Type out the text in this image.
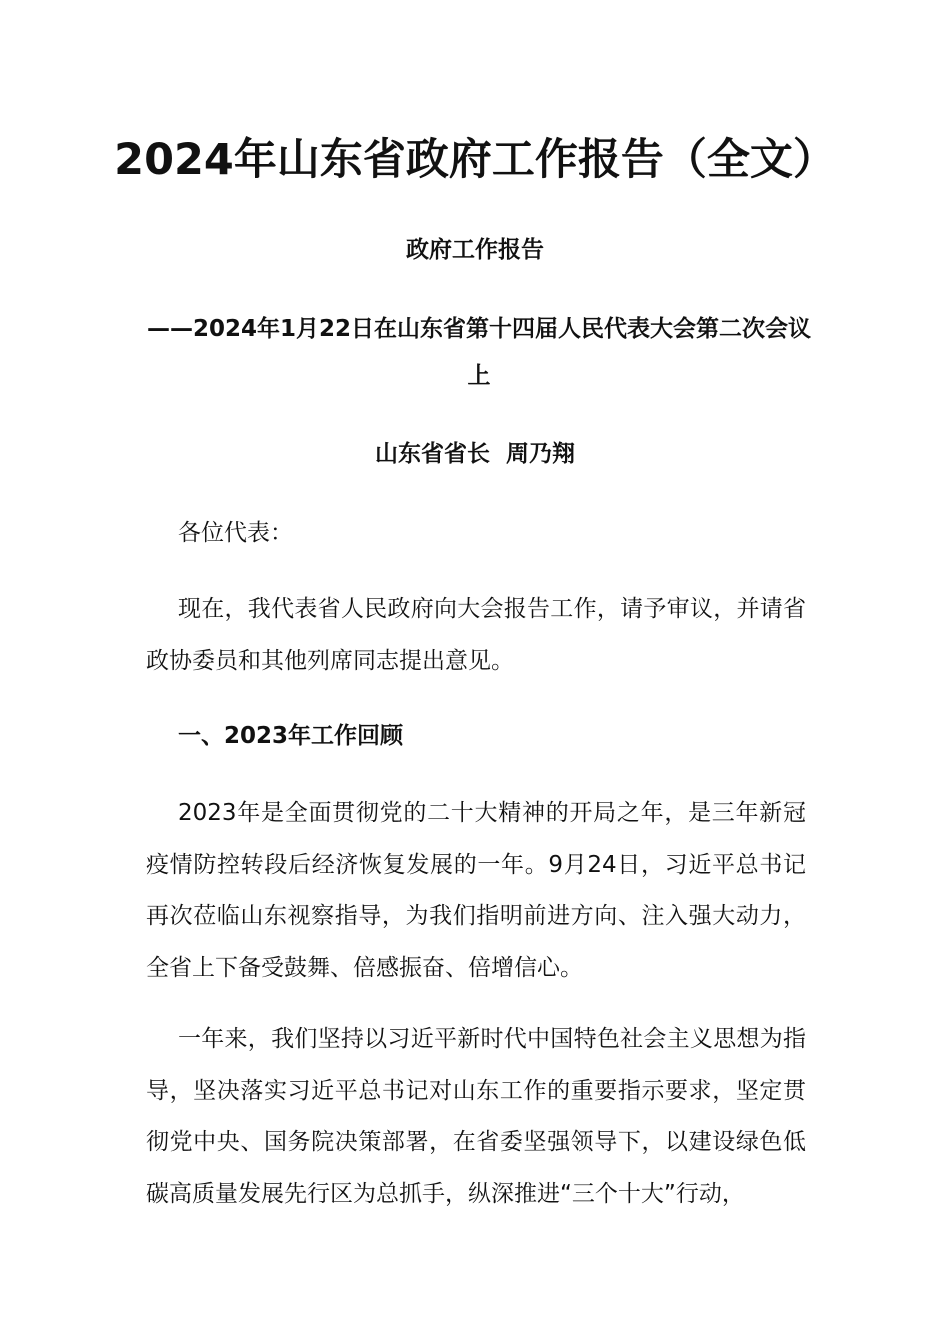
2024年山东省政府工作报告（全文）
政府工作报告
——2024年1月22日在山东省第十四届人民代表大会第二次会议上
山东省省长  周乃翔
各位代表：
现在，我代表省人民政府向大会报告工作，请予审议，并请省政协委员和其他列席同志提出意见。
一、2023年工作回顾
2023年是全面贯彻党的二十大精神的开局之年，是三年新冠疫情防控转段后经济恢复发展的一年。9月24日，习近平总书记再次莅临山东视察指导，为我们指明前进方向、注入强大动力，全省上下备受鼓舞、倍感振奋、倍增信心。
一年来，我们坚持以习近平新时代中国特色社会主义思想为指导，坚决落实习近平总书记对山东工作的重要指示要求，坚定贯彻党中央、国务院决策部署，在省委坚强领导下，以建设绿色低碳高质量发展先行区为总抓手，纵深推进“三个十大”行动，
